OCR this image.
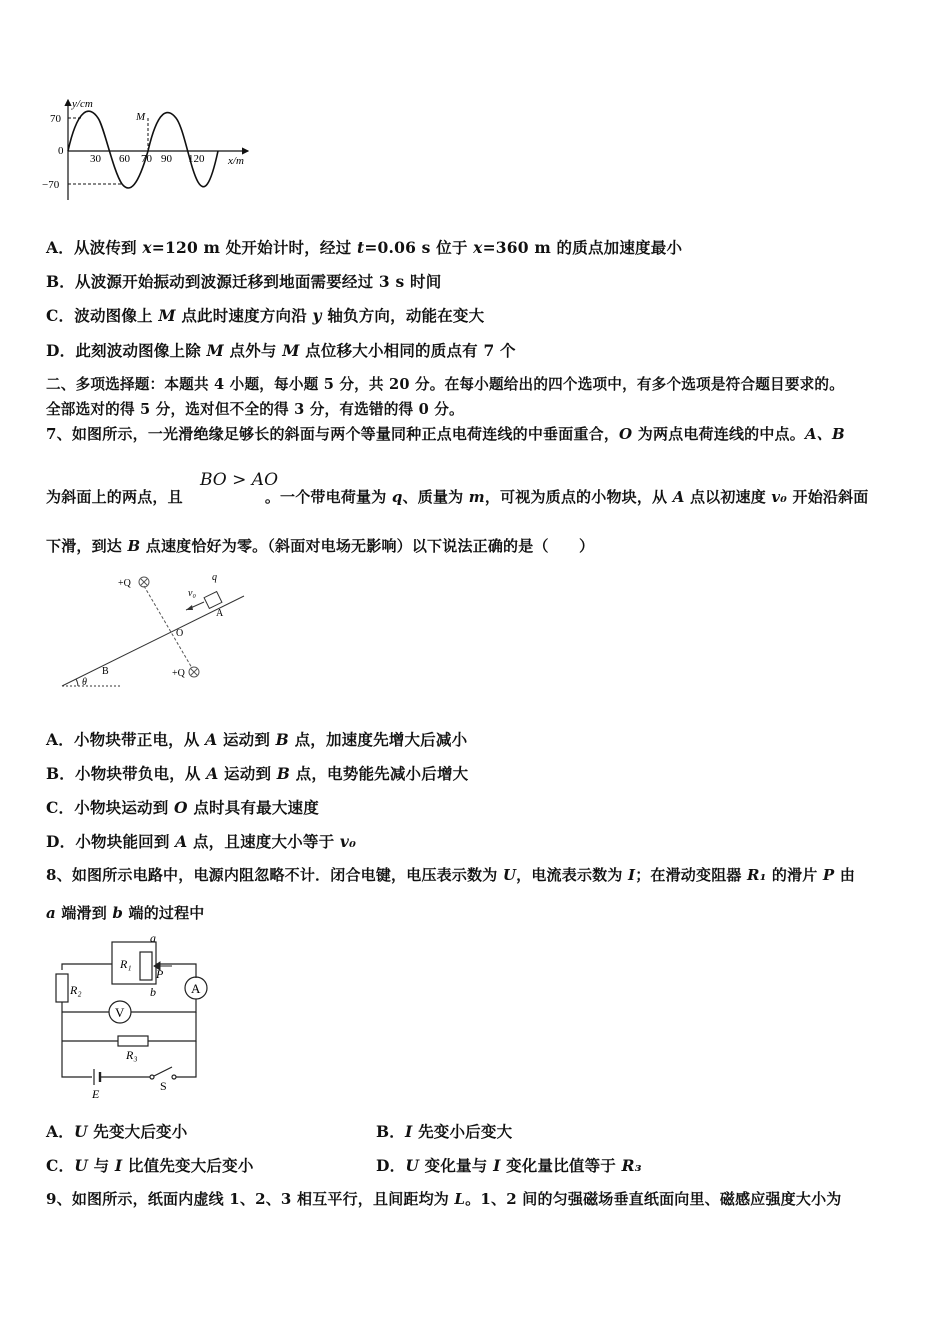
y/cm
x/m
70
0
−70
30 60 70 90 120
M
A．从波传到 x=120 m 处开始计时，经过 t=0.06 s 位于 x=360 m 的质点加速度最小
B．从波源开始振动到波源迁移到地面需要经过 3 s 时间
C．波动图像上 M 点此时速度方向沿 y 轴负方向，动能在变大
D．此刻波动图像上除 M 点外与 M 点位移大小相同的质点有 7 个
二、多项选择题：本题共 4 小题，每小题 5 分，共 20 分。在每小题给出的四个选项中，有多个选项是符合题目要求的。
全部选对的得 5 分，选对但不全的得 3 分，有选错的得 0 分。
7、如图所示，一光滑绝缘足够长的斜面与两个等量同种正点电荷连线的中垂面重合，O 为两点电荷连线的中点。A、B
BO > AO
为斜面上的两点，且	。一个带电荷量为 q、质量为 m，可视为质点的小物块，从 A 点以初速度 v₀ 开始沿斜面
下滑，到达 B 点速度恰好为零。（斜面对电场无影响）以下说法正确的是（　　）
+Q
+Q
q
v₀
A
O
B
θ
A．小物块带正电，从 A 运动到 B 点，加速度先增大后减小
B．小物块带负电，从 A 运动到 B 点，电势能先减小后增大
C．小物块运动到 O 点时具有最大速度
D．小物块能回到 A 点，且速度大小等于 v₀
8、如图所示电路中，电源内阻忽略不计．闭合电键，电压表示数为 U，电流表示数为 I；在滑动变阻器 R₁ 的滑片 P 由
a 端滑到 b 端的过程中
a
R₁
P
b
R₂
V
A
R₃
E
S
A．U 先变大后变小	B．I 先变小后变大
C．U 与 I 比值先变大后变小	D．U 变化量与 I 变化量比值等于 R₃
9、如图所示，纸面内虚线 1、2、3 相互平行，且间距均为 L。1、2 间的匀强磁场垂直纸面向里、磁感应强度大小为
